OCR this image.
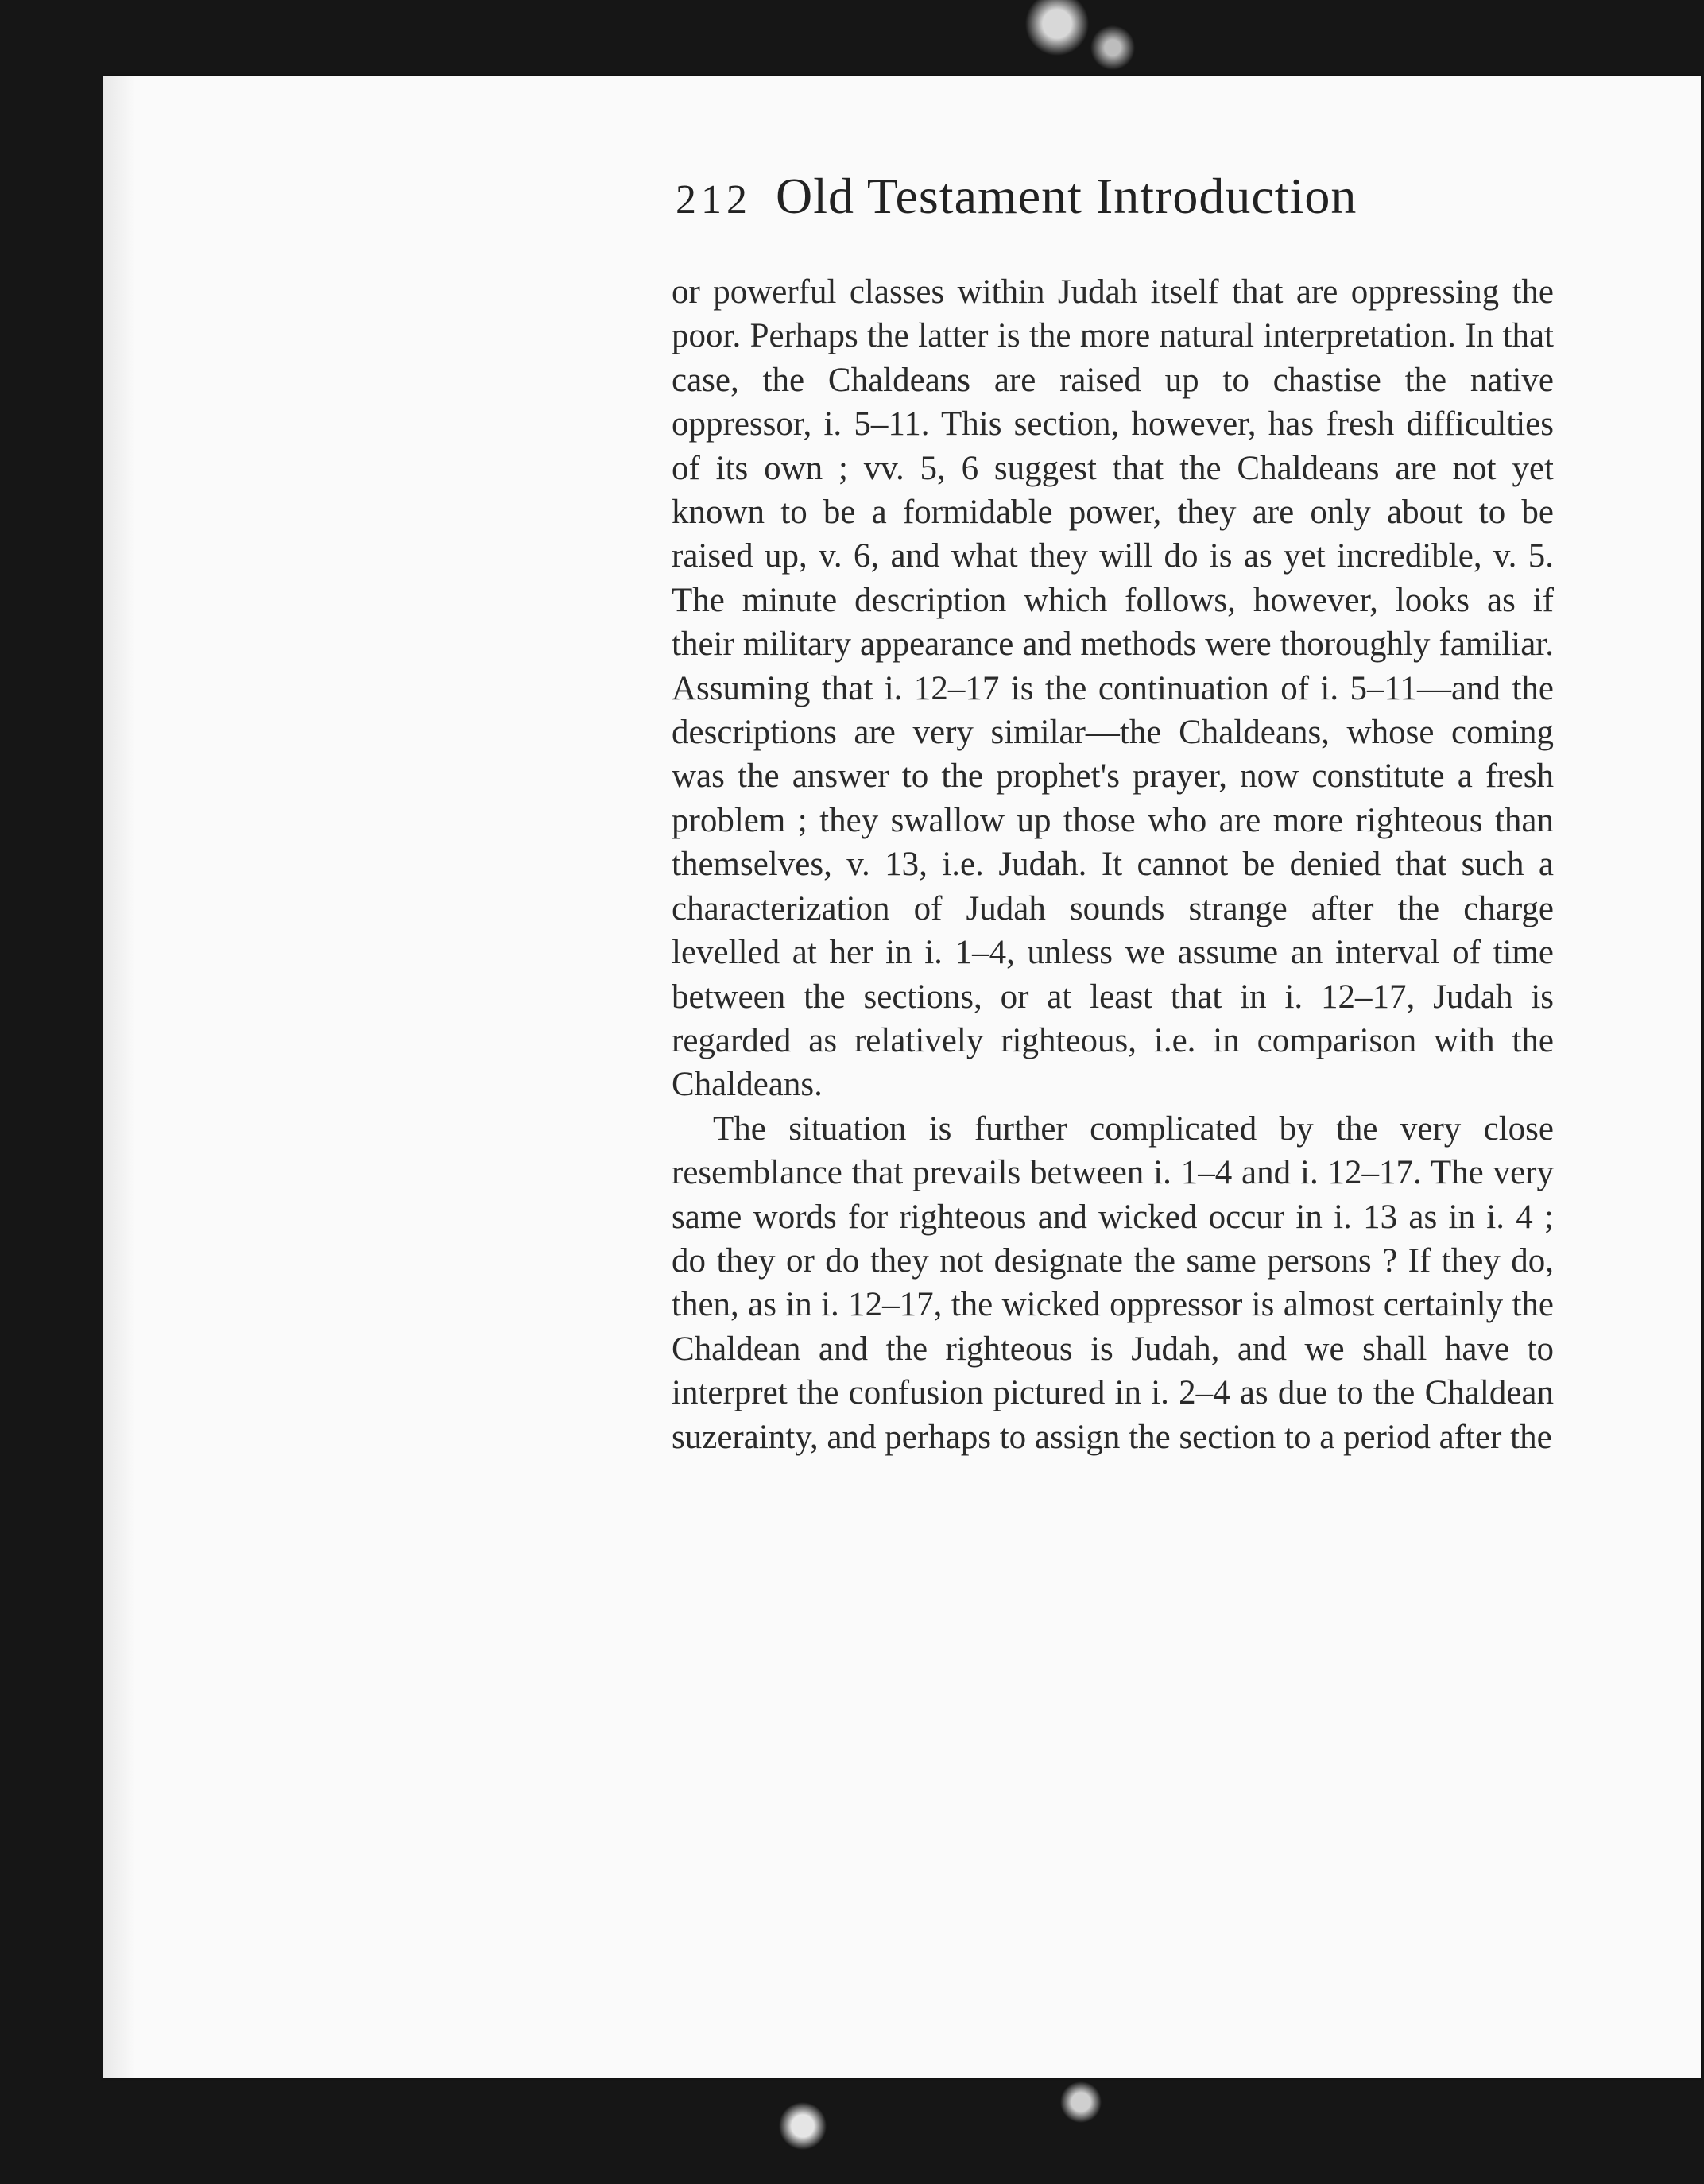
212 Old Testament Introduction

or powerful classes within Judah itself that are oppressing the poor. Perhaps the latter is the more natural interpretation. In that case, the Chaldeans are raised up to chastise the native oppressor, i. 5–11. This section, however, has fresh difficulties of its own ; vv. 5, 6 suggest that the Chaldeans are not yet known to be a formidable power, they are only about to be raised up, v. 6, and what they will do is as yet incredible, v. 5. The minute description which follows, however, looks as if their military appearance and methods were thoroughly familiar. Assuming that i. 12–17 is the continuation of i. 5–11—and the descriptions are very similar—the Chaldeans, whose coming was the answer to the prophet's prayer, now constitute a fresh problem ; they swallow up those who are more righteous than themselves, v. 13, i.e. Judah. It cannot be denied that such a characterization of Judah sounds strange after the charge levelled at her in i. 1–4, unless we assume an interval of time between the sections, or at least that in i. 12–17, Judah is regarded as relatively righteous, i.e. in comparison with the Chaldeans.

The situation is further complicated by the very close resemblance that prevails between i. 1–4 and i. 12–17. The very same words for righteous and wicked occur in i. 13 as in i. 4 ; do they or do they not designate the same persons ? If they do, then, as in i. 12–17, the wicked oppressor is almost certainly the Chaldean and the righteous is Judah, and we shall have to interpret the confusion pictured in i. 2–4 as due to the Chaldean suzerainty, and perhaps to assign the section to a period after the
